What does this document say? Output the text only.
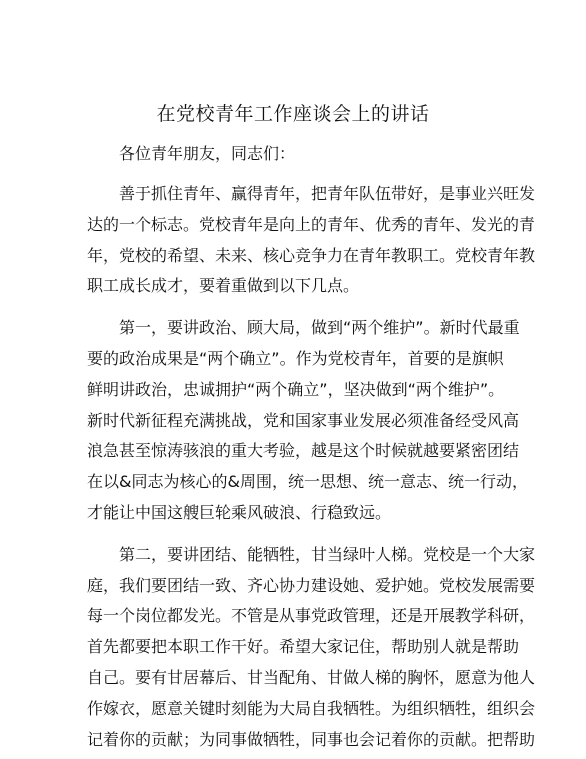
在党校青年工作座谈会上的讲话

各位青年朋友，同志们：

善于抓住青年、赢得青年，把青年队伍带好，是事业兴旺发
达的一个标志。党校青年是向上的青年、优秀的青年、发光的青
年，党校的希望、未来、核心竞争力在青年教职工。党校青年教
职工成长成才，要着重做到以下几点。

第一，要讲政治、顾大局，做到“两个维护”。新时代最重
要的政治成果是“两个确立”。作为党校青年，首要的是旗帜
鲜明讲政治，忠诚拥护“两个确立”，坚决做到“两个维护”。
新时代新征程充满挑战，党和国家事业发展必须准备经受风高
浪急甚至惊涛骇浪的重大考验，越是这个时候就越要紧密团结
在以&同志为核心的&周围，统一思想、统一意志、统一行动，
才能让中国这艘巨轮乘风破浪、行稳致远。

第二，要讲团结、能牺牲，甘当绿叶人梯。党校是一个大家
庭，我们要团结一致、齐心协力建设她、爱护她。党校发展需要
每一个岗位都发光。不管是从事党政管理，还是开展教学科研，
首先都要把本职工作干好。希望大家记住，帮助别人就是帮助
自己。要有甘居幕后、甘当配角、甘做人梯的胸怀，愿意为他人
作嫁衣，愿意关键时刻能为大局自我牺牲。为组织牺牲，组织会
记着你的贡献；为同事做牺牲，同事也会记着你的贡献。把帮助
